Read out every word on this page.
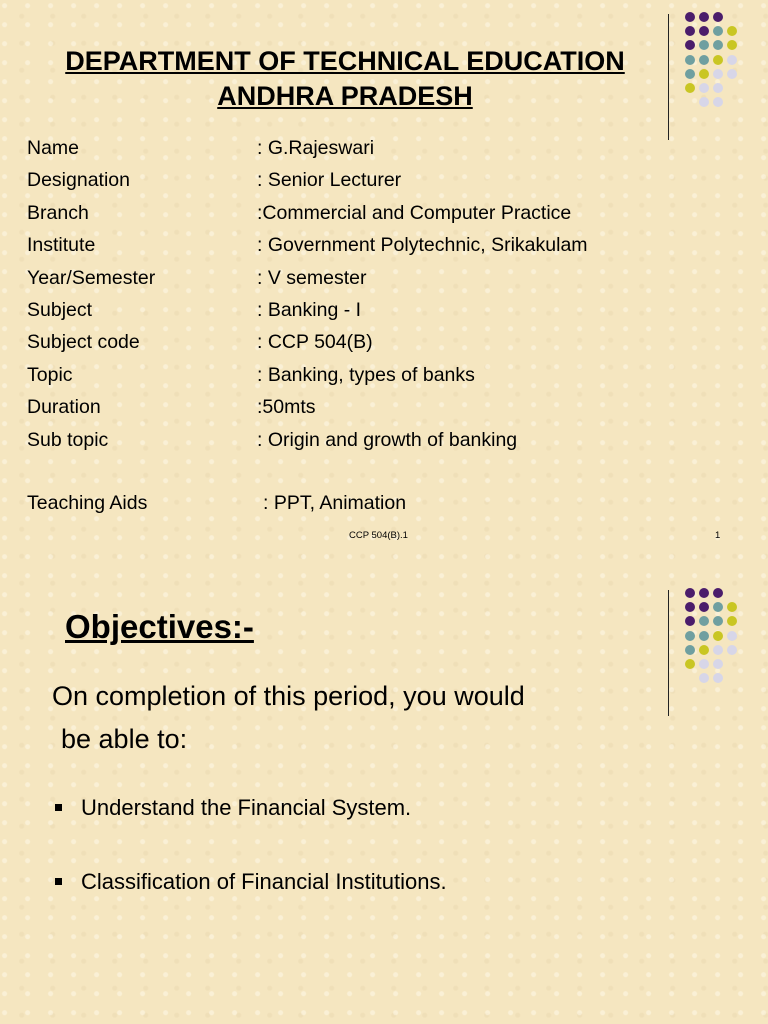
DEPARTMENT OF TECHNICAL EDUCATION
ANDHRA PRADESH
Name	: G.Rajeswari
Designation	: Senior Lecturer
Branch	:Commercial and Computer Practice
Institute	: Government Polytechnic, Srikakulam
Year/Semester	: V semester
Subject	: Banking - I
Subject code	: CCP 504(B)
Topic	: Banking, types of banks
Duration	:50mts
Sub topic	: Origin and growth of banking
Teaching Aids	: PPT, Animation
CCP 504(B).1	1
Objectives:-
On completion of this period, you would
be able to:
Understand the Financial System.
Classification of Financial Institutions.
